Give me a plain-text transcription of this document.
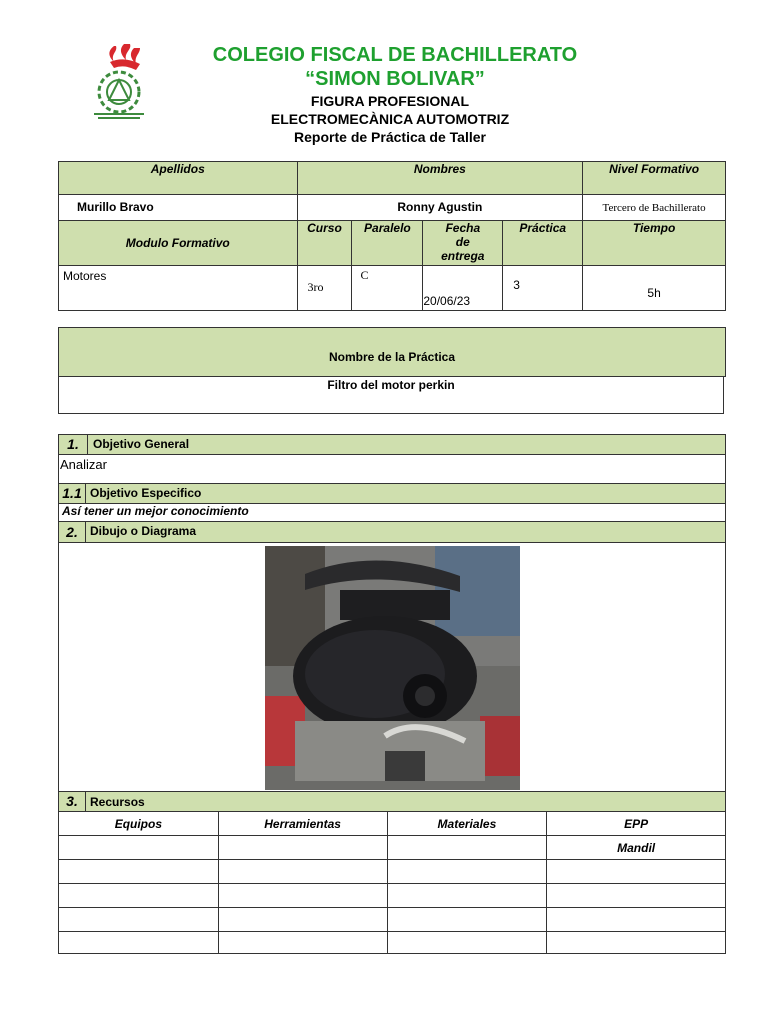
COLEGIO FISCAL DE BACHILLERATO
“SIMON BOLIVAR”
FIGURA PROFESIONAL
ELECTROMECÀNICA AUTOMOTRIZ
Reporte de Práctica de Taller
Apellidos	Nombres				Nivel Formativo
Murillo Bravo	Ronny Agustin				Tercero de Bachillerato
Modulo Formativo	Curso	Paralelo	Fecha
de
entrega	Práctica	Tiempo
Motores	3ro	C	20/06/23	3	5h
Nombre de la Práctica
Filtro del motor perkin
1.	Objetivo General
Analizar
1.1 Objetivo Especifico
Así tener un mejor conocimiento
2.	Dibujo o Diagrama
3.	Recursos
Equipos	Herramientas	Materiales	EPP
			Mandil
